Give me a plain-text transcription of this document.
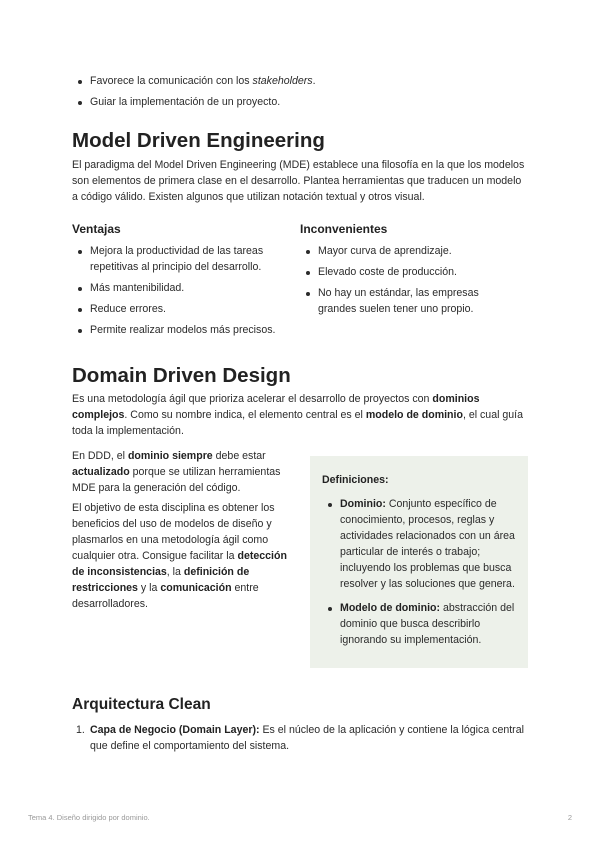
Favorece la comunicación con los stakeholders.
Guiar la implementación de un proyecto.
Model Driven Engineering

El paradigma del Model Driven Engineering (MDE) establece una filosofía en la que los modelos son elementos de primera clase en el desarrollo. Plantea herramientas que traducen un modelo a código válido. Existen algunos que utilizan notación textual y otros visual.

Ventajas
Mejora la productividad de las tareas repetitivas al principio del desarrollo.
Más mantenibilidad.
Reduce errores.
Permite realizar modelos más precisos.
Inconvenientes
Mayor curva de aprendizaje.
Elevado coste de producción.
No hay un estándar, las empresas grandes suelen tener uno propio.
Domain Driven Design

Es una metodología ágil que prioriza acelerar el desarrollo de proyectos con dominios complejos. Como su nombre indica, el elemento central es el modelo de dominio, el cual guía toda la implementación.

En DDD, el dominio siempre debe estar actualizado porque se utilizan herramientas MDE para la generación del código.

El objetivo de esta disciplina es obtener los beneficios del uso de modelos de diseño y plasmarlos en una metodología ágil como cualquier otra. Consigue facilitar la detección de inconsistencias, la definición de restricciones y la comunicación entre desarrolladores.

Definiciones:
Dominio: Conjunto específico de conocimiento, procesos, reglas y actividades relacionados con un área particular de interés o trabajo; incluyendo los problemas que busca resolver y las soluciones que genera.
Modelo de dominio: abstracción del dominio que busca describirlo ignorando su implementación.
Arquitectura Clean
Capa de Negocio (Domain Layer): Es el núcleo de la aplicación y contiene la lógica central que define el comportamiento del sistema.
Tema 4. Diseño dirigido por dominio.	2
